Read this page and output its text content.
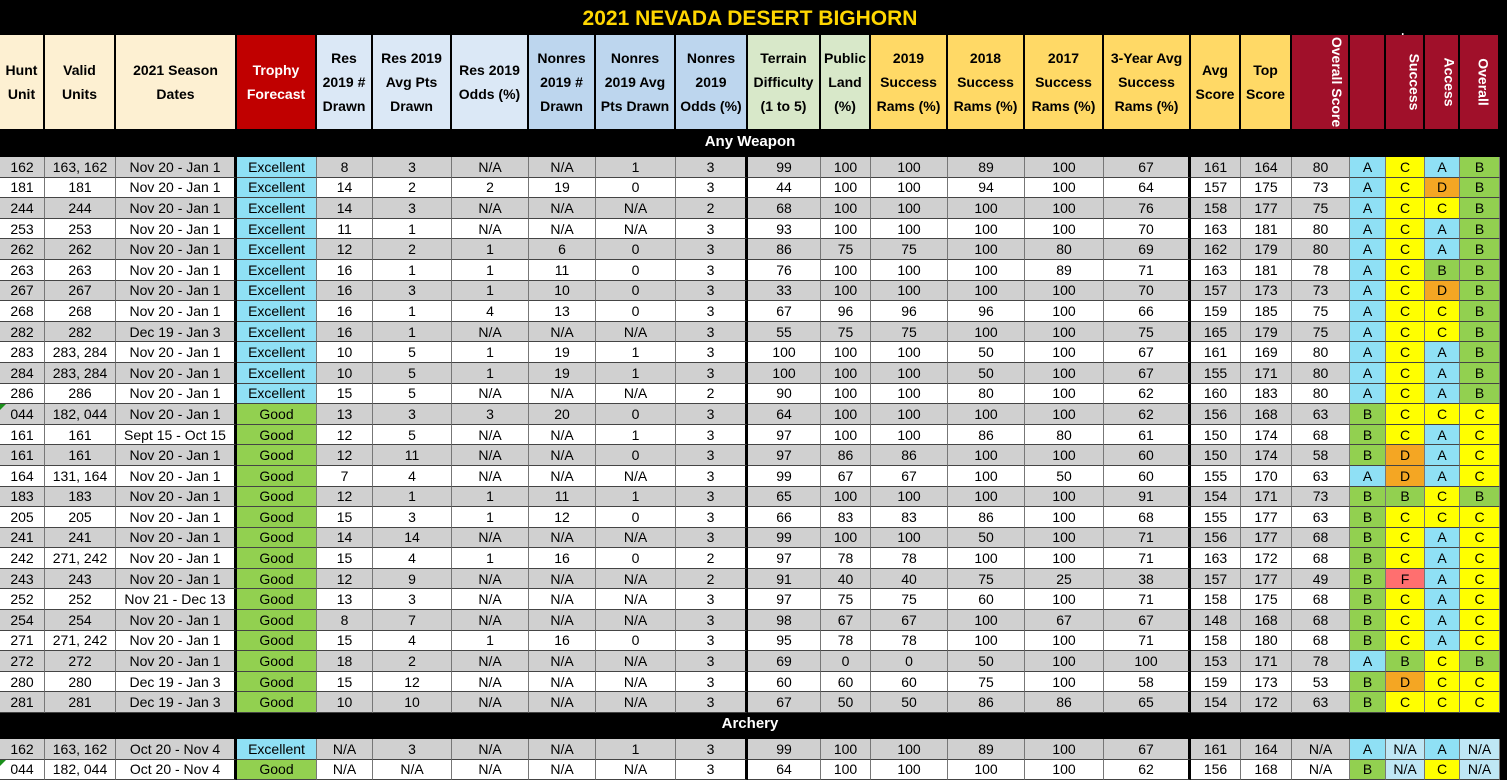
2021 NEVADA DESERT BIGHORN
Hunt Unit	Valid Units	2021 Season Dates	Trophy Forecast	Res 2019 # Drawn	Res 2019 Avg Pts Drawn	Res 2019 Odds (%)	Nonres 2019 # Drawn	Nonres 2019 Avg Pts Drawn	Nonres 2019 Odds (%)	Terrain Difficulty (1 to 5)	Public Land (%)	2019 Success Rams (%)	2018 Success Rams (%)	2017 Success Rams (%)	3-Year Avg Success Rams (%)	Avg Score	Top Score	Overall Score		Success	Access	Overall
Any Weapon																						

162	163, 162	Nov 20 - Jan 1	Excellent	8	3	N/A	N/A	1	3	99	100	100	89	100	67	161	164	80	A	C	A	B
181	181	Nov 20 - Jan 1	Excellent	14	2	2	19	0	3	44	100	100	94	100	64	157	175	73	A	C	D	B
244	244	Nov 20 - Jan 1	Excellent	14	3	N/A	N/A	N/A	2	68	100	100	100	100	76	158	177	75	A	C	C	B
253	253	Nov 20 - Jan 1	Excellent	11	1	N/A	N/A	N/A	3	93	100	100	100	100	70	163	181	80	A	C	A	B
262	262	Nov 20 - Jan 1	Excellent	12	2	1	6	0	3	86	75	75	100	80	69	162	179	80	A	C	A	B
263	263	Nov 20 - Jan 1	Excellent	16	1	1	11	0	3	76	100	100	100	89	71	163	181	78	A	C	B	B
267	267	Nov 20 - Jan 1	Excellent	16	3	1	10	0	3	33	100	100	100	100	70	157	173	73	A	C	D	B
268	268	Nov 20 - Jan 1	Excellent	16	1	4	13	0	3	67	96	96	96	100	66	159	185	75	A	C	C	B
282	282	Dec 19 - Jan 3	Excellent	16	1	N/A	N/A	N/A	3	55	75	75	100	100	75	165	179	75	A	C	C	B
283	283, 284	Nov 20 - Jan 1	Excellent	10	5	1	19	1	3	100	100	100	50	100	67	161	169	80	A	C	A	B
284	283, 284	Nov 20 - Jan 1	Excellent	10	5	1	19	1	3	100	100	100	50	100	67	155	171	80	A	C	A	B
286	286	Nov 20 - Jan 1	Excellent	15	5	N/A	N/A	N/A	2	90	100	100	80	100	62	160	183	80	A	C	A	B
044	182, 044	Nov 20 - Jan 1	Good	13	3	3	20	0	3	64	100	100	100	100	62	156	168	63	B	C	C	C
161	161	Sept 15 - Oct 15	Good	12	5	N/A	N/A	1	3	97	100	100	86	80	61	150	174	68	B	C	A	C
161	161	Nov 20 - Jan 1	Good	12	11	N/A	N/A	0	3	97	86	86	100	100	60	150	174	58	B	D	A	C
164	131, 164	Nov 20 - Jan 1	Good	7	4	N/A	N/A	N/A	3	99	67	67	100	50	60	155	170	63	A	D	A	C
183	183	Nov 20 - Jan 1	Good	12	1	1	11	1	3	65	100	100	100	100	91	154	171	73	B	B	C	B
205	205	Nov 20 - Jan 1	Good	15	3	1	12	0	3	66	83	83	86	100	68	155	177	63	B	C	C	C
241	241	Nov 20 - Jan 1	Good	14	14	N/A	N/A	N/A	3	99	100	100	50	100	71	156	177	68	B	C	A	C
242	271, 242	Nov 20 - Jan 1	Good	15	4	1	16	0	2	97	78	78	100	100	71	163	172	68	B	C	A	C
243	243	Nov 20 - Jan 1	Good	12	9	N/A	N/A	N/A	2	91	40	40	75	25	38	157	177	49	B	F	A	C
252	252	Nov 21 - Dec 13	Good	13	3	N/A	N/A	N/A	3	97	75	75	60	100	71	158	175	68	B	C	A	C
254	254	Nov 20 - Jan 1	Good	8	7	N/A	N/A	N/A	3	98	67	67	100	67	67	148	168	68	B	C	A	C
271	271, 242	Nov 20 - Jan 1	Good	15	4	1	16	0	3	95	78	78	100	100	71	158	180	68	B	C	A	C
272	272	Nov 20 - Jan 1	Good	18	2	N/A	N/A	N/A	3	69	0	0	50	100	100	153	171	78	A	B	C	B
280	280	Dec 19 - Jan 3	Good	15	12	N/A	N/A	N/A	3	60	60	60	75	100	58	159	173	53	B	D	C	C
281	281	Dec 19 - Jan 3	Good	10	10	N/A	N/A	N/A	3	67	50	50	86	86	65	154	172	63	B	C	C	C
Archery																						

162	163, 162	Oct 20 - Nov 4	Excellent	N/A	3	N/A	N/A	1	3	99	100	100	89	100	67	161	164	N/A	A	N/A	A	N/A
044	182, 044	Oct 20 - Nov 4	Good	N/A	N/A	N/A	N/A	N/A	3	64	100	100	100	100	62	156	168	N/A	B	N/A	C	N/A
